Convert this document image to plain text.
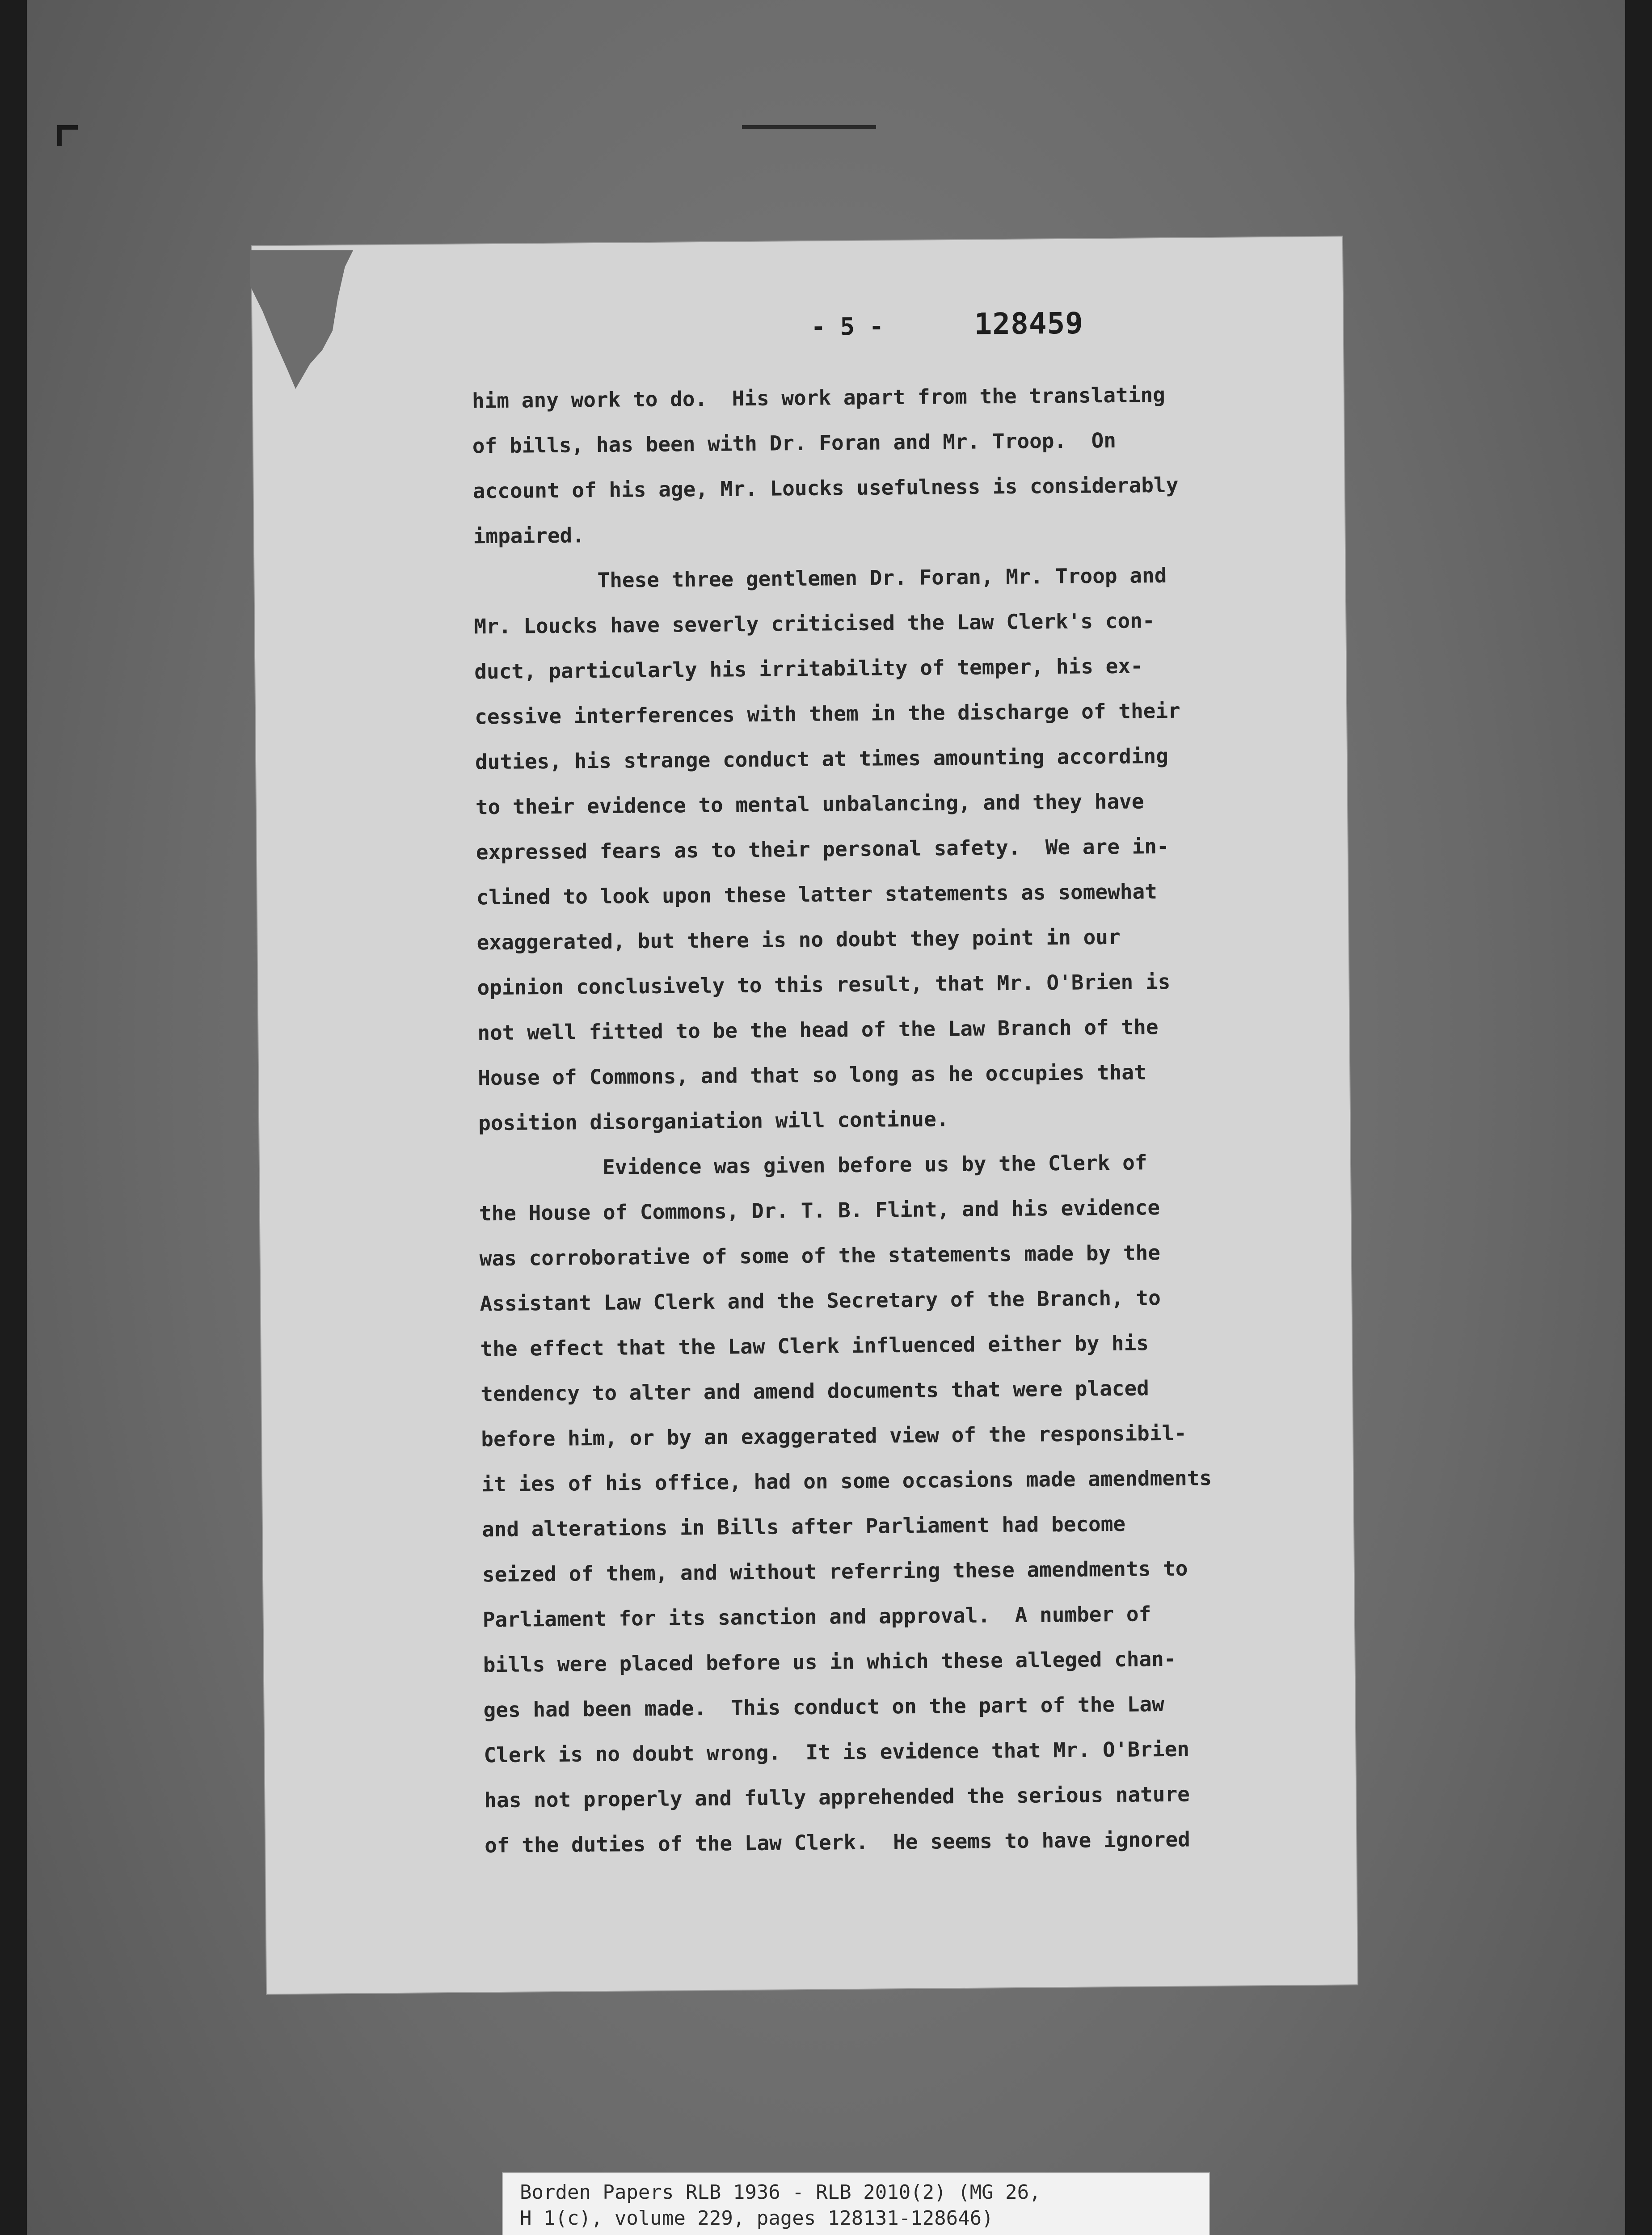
- 5 -	128459
him any work to do.  His work apart from the translating
of bills, has been with Dr. Foran and Mr. Troop.  On
account of his age, Mr. Loucks usefulness is considerably
impaired.
These three gentlemen Dr. Foran, Mr. Troop and
Mr. Loucks have severly criticised the Law Clerk's con-
duct, particularly his irritability of temper, his ex-
cessive interferences with them in the discharge of their
duties, his strange conduct at times amounting according
to their evidence to mental unbalancing, and they have
expressed fears as to their personal safety.  We are in-
clined to look upon these latter statements as somewhat
exaggerated, but there is no doubt they point in our
opinion conclusively to this result, that Mr. O'Brien is
not well fitted to be the head of the Law Branch of the
House of Commons, and that so long as he occupies that
position disorganiation will continue.
Evidence was given before us by the Clerk of
the House of Commons, Dr. T. B. Flint, and his evidence
was corroborative of some of the statements made by the
Assistant Law Clerk and the Secretary of the Branch, to
the effect that the Law Clerk influenced either by his
tendency to alter and amend documents that were placed
before him, or by an exaggerated view of the responsibil-
it ies of his office, had on some occasions made amendments
and alterations in Bills after Parliament had become
seized of them, and without referring these amendments to
Parliament for its sanction and approval.  A number of
bills were placed before us in which these alleged chan-
ges had been made.  This conduct on the part of the Law
Clerk is no doubt wrong.  It is evidence that Mr. O'Brien
has not properly and fully apprehended the serious nature
of the duties of the Law Clerk.  He seems to have ignored
Borden Papers RLB 1936 - RLB 2010(2) (MG 26,
H 1(c), volume 229, pages 128131-128646)
